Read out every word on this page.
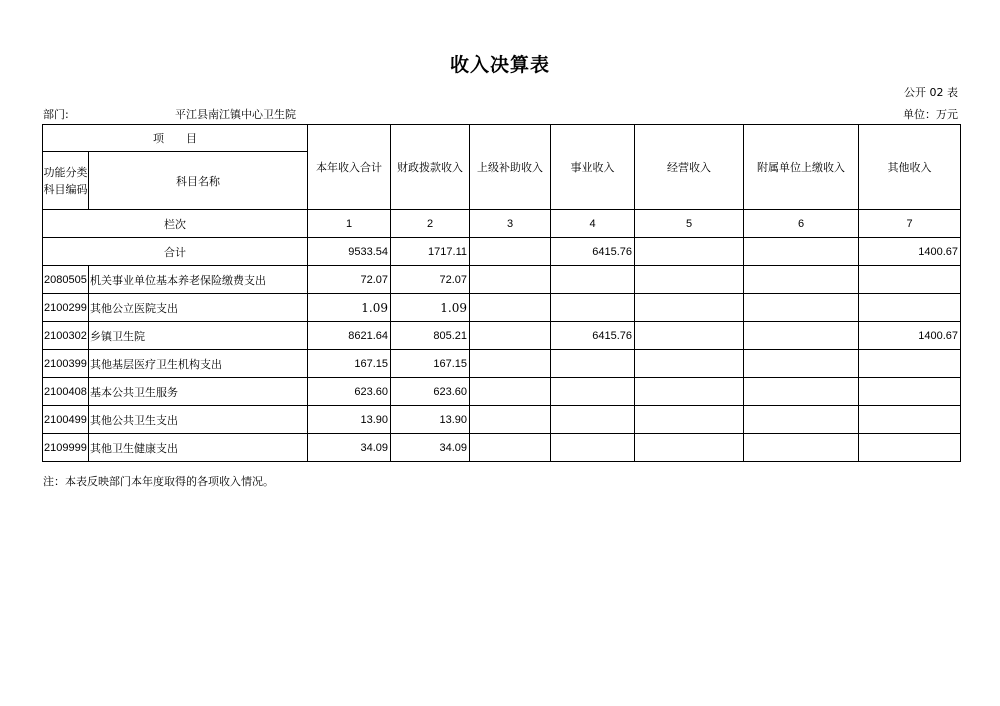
收入决算表
公开 02 表
部门:	平江县南江镇中心卫生院	单位：万元
项　　目		本年收入合计	财政拨款收入	上级补助收入	事业收入	经营收入	附属单位上缴收入	其他收入
功能分类科目编码	科目名称							
栏次		1	2	3	4	5	6	7
合计		9533.54	1717.11		6415.76			1400.67
2080505	机关事业单位基本养老保险缴费支出	72.07	72.07					
2100299	其他公立医院支出	1.09	1.09					
2100302	乡镇卫生院	8621.64	805.21		6415.76			1400.67
2100399	其他基层医疗卫生机构支出	167.15	167.15					
2100408	基本公共卫生服务	623.60	623.60					
2100499	其他公共卫生支出	13.90	13.90					
2109999	其他卫生健康支出	34.09	34.09					
注：本表反映部门本年度取得的各项收入情况。
